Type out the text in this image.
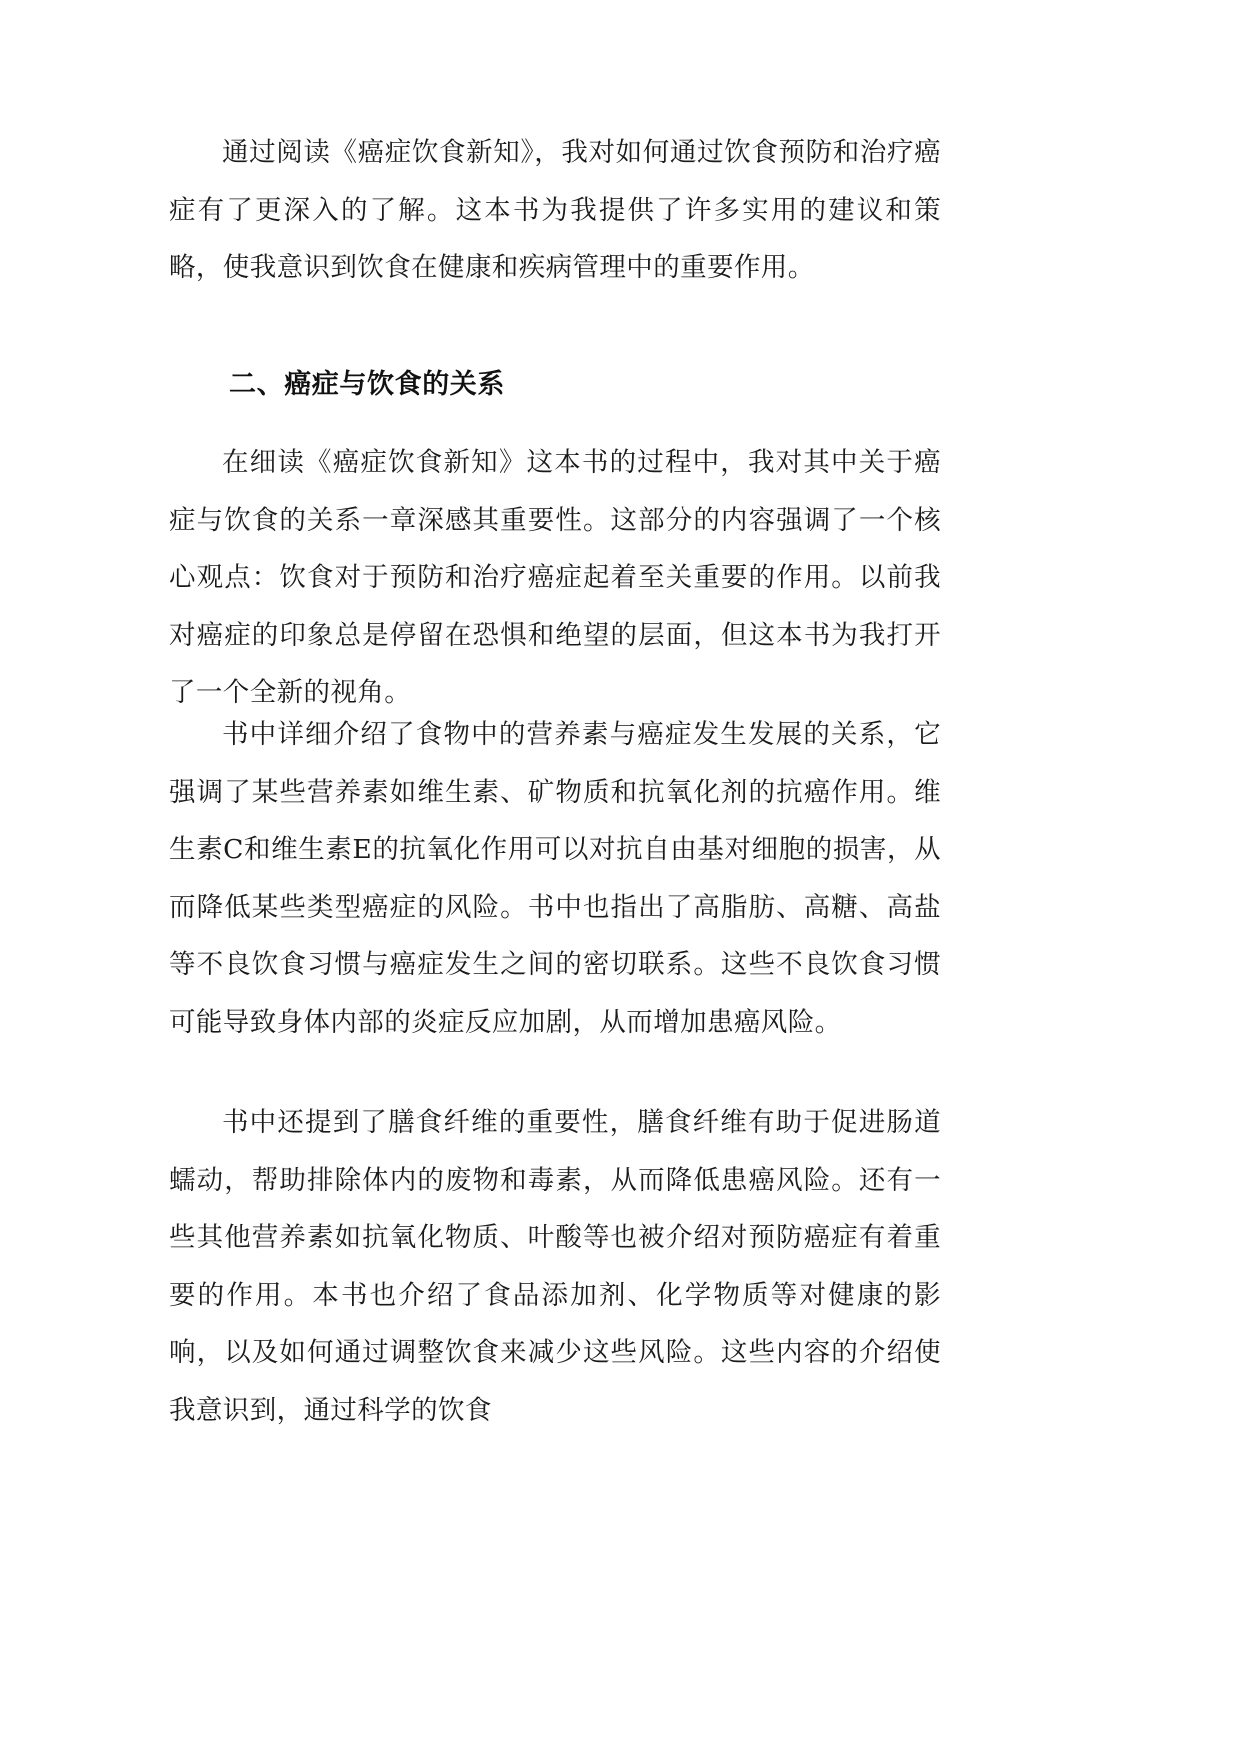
通过阅读《癌症饮食新知》，我对如何通过饮食预防和治疗癌症有了更深入的了解。这本书为我提供了许多实用的建议和策略，使我意识到饮食在健康和疾病管理中的重要作用。

二、癌症与饮食的关系

在细读《癌症饮食新知》这本书的过程中，我对其中关于癌症与饮食的关系一章深感其重要性。这部分的内容强调了一个核心观点：饮食对于预防和治疗癌症起着至关重要的作用。以前我对癌症的印象总是停留在恐惧和绝望的层面，但这本书为我打开了一个全新的视角。

书中详细介绍了食物中的营养素与癌症发生发展的关系，它强调了某些营养素如维生素、矿物质和抗氧化剂的抗癌作用。维生素C和维生素E的抗氧化作用可以对抗自由基对细胞的损害，从而降低某些类型癌症的风险。书中也指出了高脂肪、高糖、高盐等不良饮食习惯与癌症发生之间的密切联系。这些不良饮食习惯可能导致身体内部的炎症反应加剧，从而增加患癌风险。

书中还提到了膳食纤维的重要性，膳食纤维有助于促进肠道蠕动，帮助排除体内的废物和毒素，从而降低患癌风险。还有一些其他营养素如抗氧化物质、叶酸等也被介绍对预防癌症有着重要的作用。本书也介绍了食品添加剂、化学物质等对健康的影响，以及如何通过调整饮食来减少这些风险。这些内容的介绍使我意识到，通过科学的饮食
